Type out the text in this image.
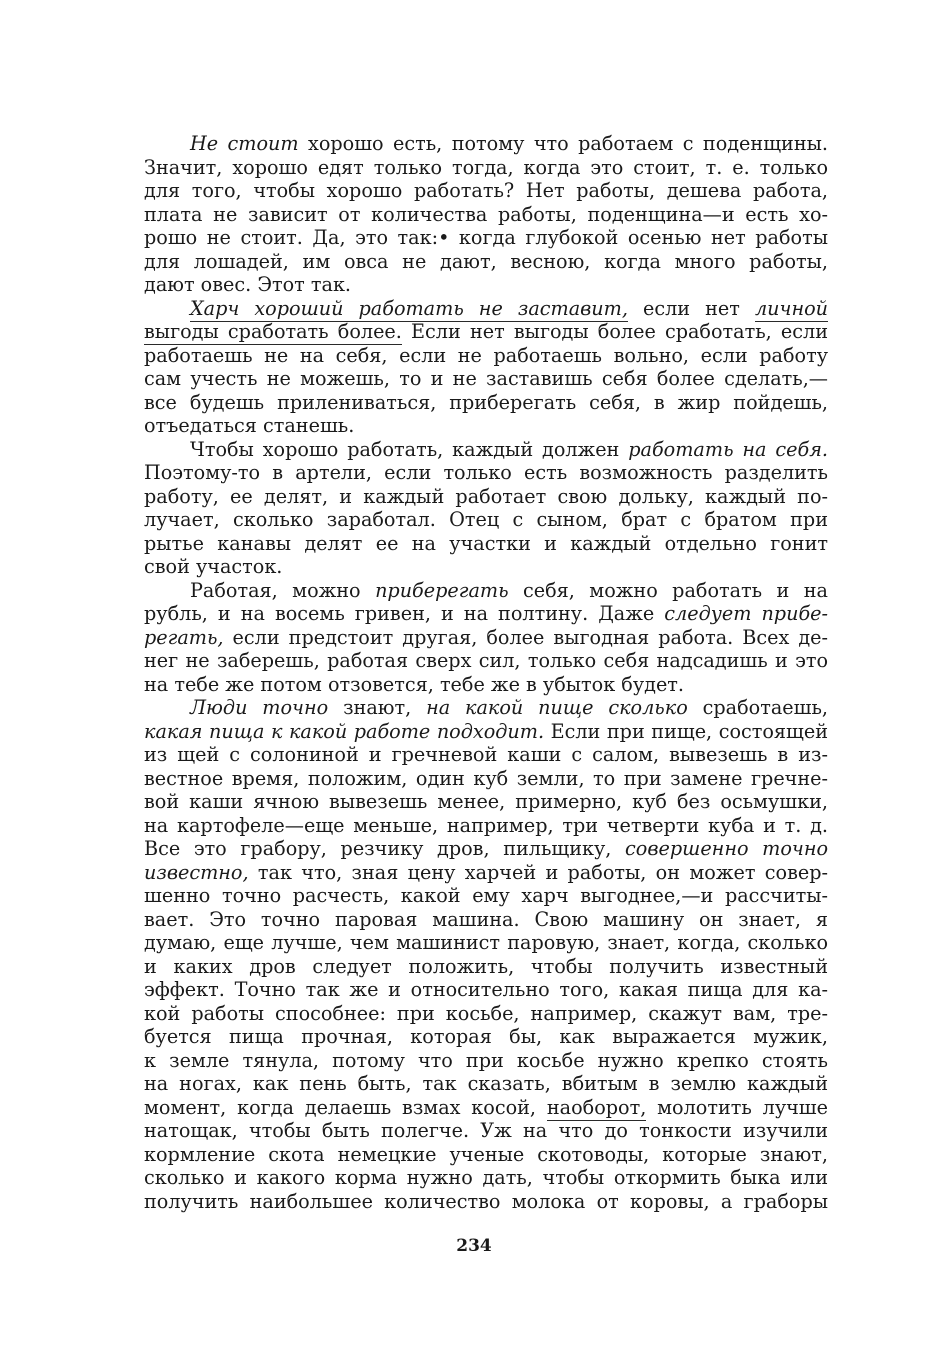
Не стоит хорошо есть, потому что работаем с поденщины.
Значит, хорошо едят только тогда, когда это стоит, т. е. только
для того, чтобы хорошо работать? Нет работы, дешева работа,
плата не зависит от количества работы, поденщина—и есть хо-
рошо не стоит. Да, это так:• когда глубокой осенью нет работы
для лошадей, им овса не дают, весною, когда много работы,
дают овес. Этот так.
Харч хороший работать не заставит, если нет личной
выгоды сработать более. Если нет выгоды более сработать, если
работаешь не на себя, если не работаешь вольно, если работу
сам учесть не можешь, то и не заставишь себя более сделать,—
все будешь прилениваться, приберегать себя, в жир пойдешь,
отъедаться станешь.
Чтобы хорошо работать, каждый должен работать на себя.
Поэтому-то в артели, если только есть возможность разделить
работу, ее делят, и каждый работает свою дольку, каждый по-
лучает, сколько заработал. Отец с сыном, брат с братом при
рытье канавы делят ее на участки и каждый отдельно гонит
свой участок.
Работая, можно приберегать себя, можно работать и на
рубль, и на восемь гривен, и на полтину. Даже следует прибе-
регать, если предстоит другая, более выгодная работа. Всех де-
нег не заберешь, работая сверх сил, только себя надсадишь и это
на тебе же потом отзовется, тебе же в убыток будет.
Люди точно знают, на какой пище сколько сработаешь,
какая пища к какой работе подходит. Если при пище, состоящей
из щей с солониной и гречневой каши с салом, вывезешь в из-
вестное время, положим, один куб земли, то при замене гречне-
вой каши ячною вывезешь менее, примерно, куб без осьмушки,
на картофеле—еще меньше, например, три четверти куба и т. д.
Все это грабору, резчику дров, пильщику, совершенно точно
известно, так что, зная цену харчей и работы, он может совер-
шенно точно расчесть, какой ему харч выгоднее,—и рассчиты-
вает. Это точно паровая машина. Свою машину он знает, я
думаю, еще лучше, чем машинист паровую, знает, когда, сколько
и каких дров следует положить, чтобы получить известный
эффект. Точно так же и относительно того, какая пища для ка-
кой работы способнее: при косьбе, например, скажут вам, тре-
буется пища прочная, которая бы, как выражается мужик,
к земле тянула, потому что при косьбе нужно крепко стоять
на ногах, как пень быть, так сказать, вбитым в землю каждый
момент, когда делаешь взмах косой, наоборот, молотить лучше
натощак, чтобы быть полегче. Уж на что до тонкости изучили
кормление скота немецкие ученые скотоводы, которые знают,
сколько и какого корма нужно дать, чтобы откормить быка или
получить наибольшее количество молока от коровы, а граборы
234
